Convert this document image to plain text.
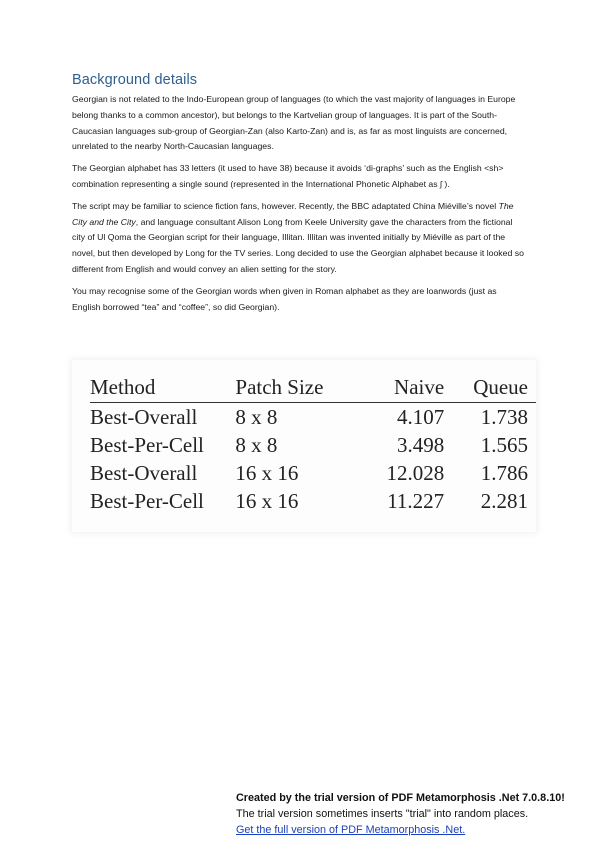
Background details

Georgian is not related to the Indo-European group of languages (to which the vast majority of languages in Europe belong thanks to a common ancestor), but belongs to the Kartvelian group of languages. It is part of the South-Caucasian languages sub-group of Georgian-Zan (also Karto-Zan) and is, as far as most linguists are concerned, unrelated to the nearby North-Caucasian languages.

The Georgian alphabet has 33 letters (it used to have 38) because it avoids ‘di-graphs’ such as the English <sh> combination representing a single sound (represented in the International Phonetic Alphabet as ʃ ).

The script may be familiar to science fiction fans, however. Recently, the BBC adaptated China Miéville’s novel The City and the City, and language consultant Alison Long from Keele University gave the characters from the fictional city of Ul Qoma the Georgian script for their language, Illitan. Illitan was invented initially by Miéville as part of the novel, but then developed by Long for the TV series. Long decided to use the Georgian alphabet because it looked so different from English and would convey an alien setting for the story.

You may recognise some of the Georgian words when given in Roman alphabet as they are loanwords (just as English borrowed “tea” and “coffee”, so did Georgian).

Method	Patch Size	Naive	Queue
Best-Overall	8 x 8	4.107	1.738
Best-Per-Cell	8 x 8	3.498	1.565
Best-Overall	16 x 16	12.028	1.786
Best-Per-Cell	16 x 16	11.227	2.281
Created by the trial version of PDF Metamorphosis .Net 7.0.8.10!
The trial version sometimes inserts "trial" into random places.
Get the full version of PDF Metamorphosis .Net.
